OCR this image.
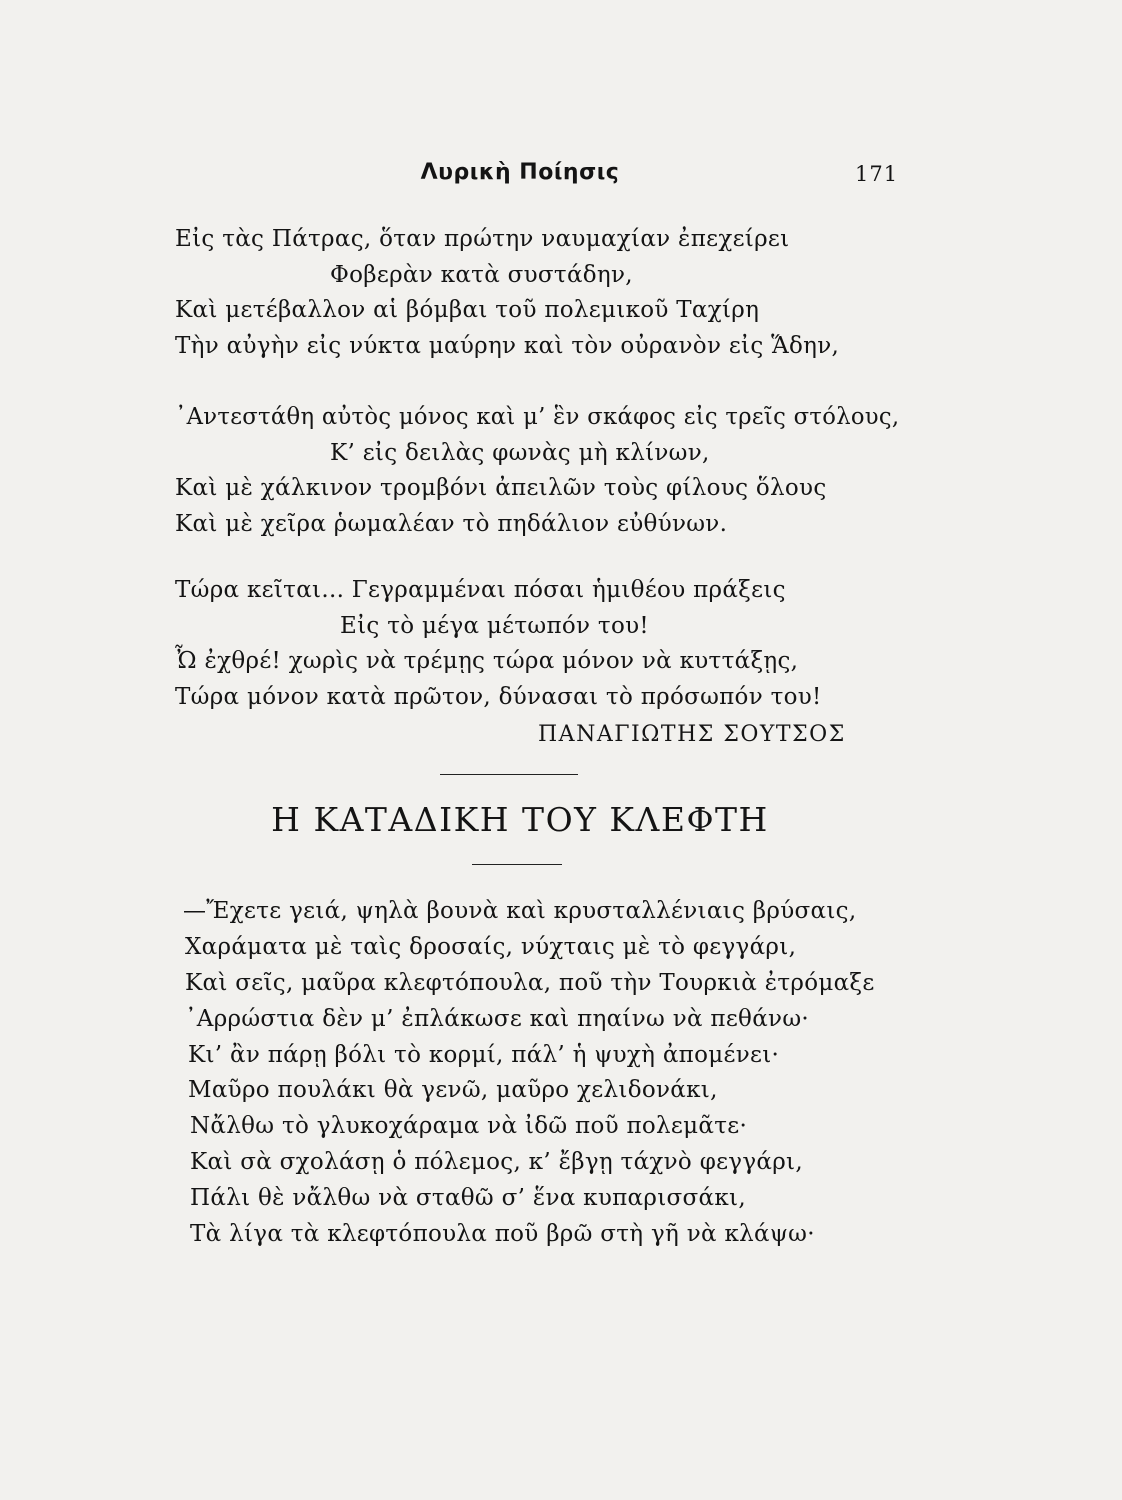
Λυρικὴ Ποίησις	171
Εἰς τὰς Πάτρας, ὅταν πρώτην ναυμαχίαν ἐπεχείρει
Φοβερὰν κατὰ συστάδην,
Καὶ μετέβαλλον αἱ βόμβαι τοῦ πολεμικοῦ Ταχίρη
Τὴν αὐγὴν εἰς νύκτα μαύρην καὶ τὸν οὐρανὸν εἰς Ἅδην,
᾿Αντεστάθη αὐτὸς μόνος καὶ μ’ ἓν σκάφος εἰς τρεῖς στόλους,
Κ’ εἰς δειλὰς φωνὰς μὴ κλίνων,
Καὶ μὲ χάλκινον τρομβόνι ἀπειλῶν τοὺς φίλους ὅλους
Καὶ μὲ χεῖρα ῥωμαλέαν τὸ πηδάλιον εὐθύνων.
Τώρα κεῖται... Γεγραμμέναι πόσαι ἡμιθέου πράξεις
Εἰς τὸ μέγα μέτωπόν του!
Ὦ ἐχθρέ! χωρὶς νὰ τρέμῃς τώρα μόνον νὰ κυττάξῃς,
Τώρα μόνον κατὰ πρῶτον, δύνασαι τὸ πρόσωπόν του!
ΠΑΝΑΓΙΩΤΗΣ ΣΟΥΤΣΟΣ
Η ΚΑΤΑΔΙΚΗ ΤΟΥ ΚΛΕΦΤΗ
—Ἔχετε γειά, ψηλὰ βουνὰ καὶ κρυσταλλένιαις βρύσαις,
Χαράματα μὲ ταὶς δροσαίς, νύχταις μὲ τὸ φεγγάρι,
Καὶ σεῖς, μαῦρα κλεφτόπουλα, ποῦ τὴν Τουρκιὰ ἐτρόμαξε
᾿Αρρώστια δὲν μ’ ἐπλάκωσε καὶ πηαίνω νὰ πεθάνω·
Κι’ ἂν πάρῃ βόλι τὸ κορμί, πάλ’ ἡ ψυχὴ ἀπομένει·
Μαῦρο πουλάκι θὰ γενῶ, μαῦρο χελιδονάκι,
Νἄλθω τὸ γλυκοχάραμα νὰ ἰδῶ ποῦ πολεμᾶτε·
Καὶ σὰ σχολάσῃ ὁ πόλεμος, κ’ ἔβγῃ τάχνὸ φεγγάρι,
Πάλι θὲ νἄλθω νὰ σταθῶ σ’ ἕνα κυπαρισσάκι,
Τὰ λίγα τὰ κλεφτόπουλα ποῦ βρῶ στὴ γῆ νὰ κλάψω·
